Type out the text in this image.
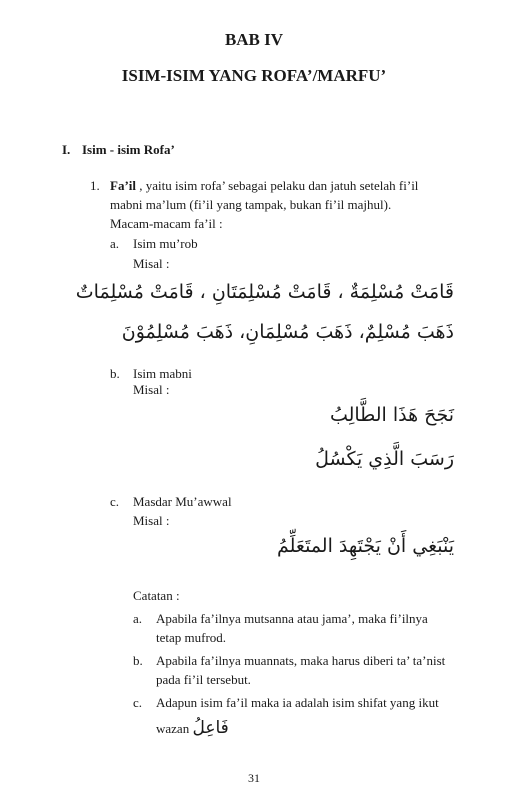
BAB IV
ISIM-ISIM YANG ROFA’/MARFU’
I. Isim - isim Rofa’
1. Fa’il , yaitu isim rofa’ sebagai pelaku dan jatuh setelah fi’il
mabni ma’lum (fi’il yang tampak, bukan fi’il majhul).
Macam-macam fa’il :
a. Isim mu’rob
Misal :
قَامَتْ مُسْلِمَةٌ ، قَامَتْ مُسْلِمَتَانِ ، قَامَتْ مُسْلِمَاتٌ
ذَهَبَ مُسْلِمٌ، ذَهَبَ مُسْلِمَانِ، ذَهَبَ مُسْلِمُوْنَ
b. Isim mabni
Misal :
نَجَحَ هَذَا الطَّالِبُ
رَسَبَ الَّذِي يَكْسُلُ
c. Masdar Mu’awwal
Misal :
يَنْبَغِي أَنْ يَجْتَهِدَ المتَعَلِّمُ
Catatan :
a. Apabila fa’ilnya mutsanna atau jama’, maka fi’ilnya
tetap mufrod.
b. Apabila fa’ilnya muannats, maka harus diberi ta’ ta’nist
pada fi’il tersebut.
c. Adapun isim fa’il maka ia adalah isim shifat yang ikut
wazan فَاعِلُ
31
